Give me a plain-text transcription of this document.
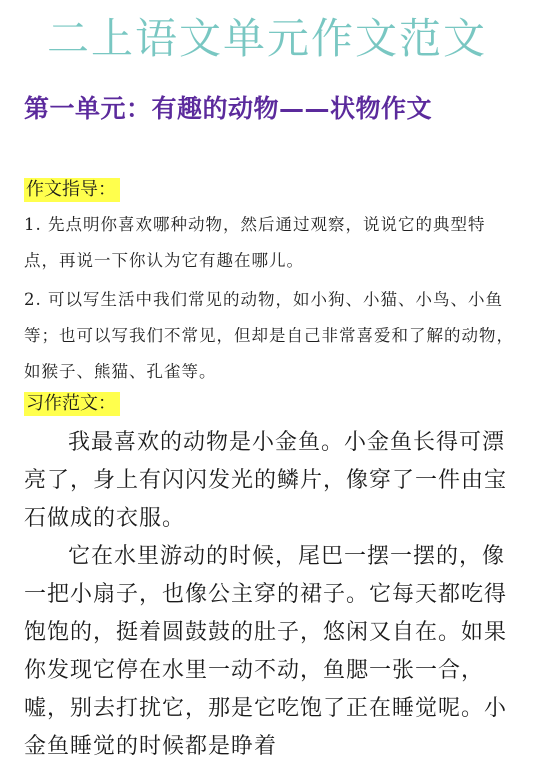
二上语文单元作文范文
第一单元：有趣的动物——状物作文
作文指导：
1. 先点明你喜欢哪种动物，然后通过观察，说说它的典型特点，再说一下你认为它有趣在哪儿。
2. 可以写生活中我们常见的动物，如小狗、小猫、小鸟、小鱼等；也可以写我们不常见，但却是自己非常喜爱和了解的动物，如猴子、熊猫、孔雀等。
习作范文：

我最喜欢的动物是小金鱼。小金鱼长得可漂亮了，身上有闪闪发光的鳞片，像穿了一件由宝石做成的衣服。

它在水里游动的时候，尾巴一摆一摆的，像一把小扇子，也像公主穿的裙子。它每天都吃得饱饱的，挺着圆鼓鼓的肚子，悠闲又自在。如果你发现它停在水里一动不动，鱼腮一张一合，嘘，别去打扰它，那是它吃饱了正在睡觉呢。小金鱼睡觉的时候都是睁着
